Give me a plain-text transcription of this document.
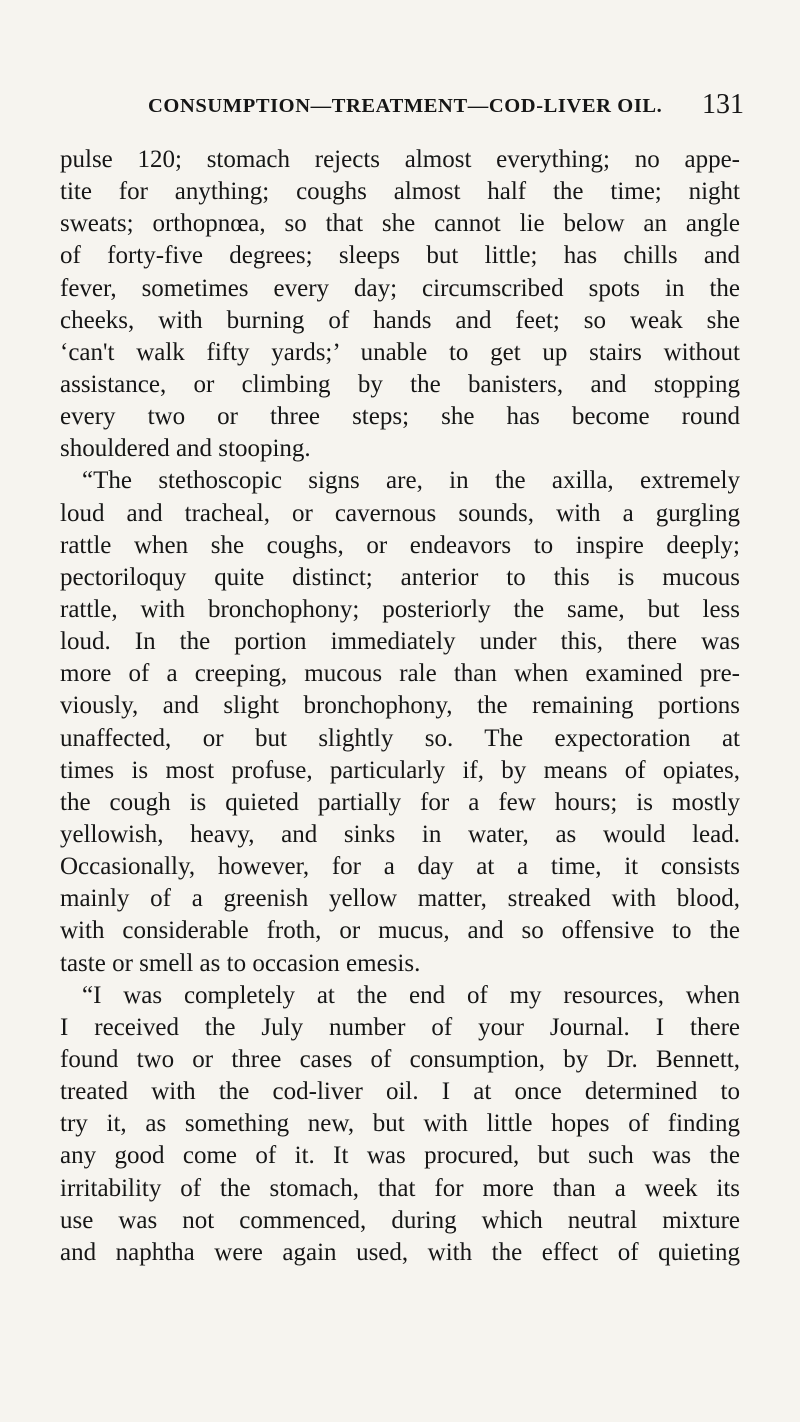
CONSUMPTION—TREATMENT—COD-LIVER OIL. 131
pulse 120; stomach rejects almost everything; no appe-
tite for anything; coughs almost half the time; night
sweats; orthopnœa, so that she cannot lie below an angle
of forty-five degrees; sleeps but little; has chills and
fever, sometimes every day; circumscribed spots in the
cheeks, with burning of hands and feet; so weak she
‘can't walk fifty yards;’ unable to get up stairs without
assistance, or climbing by the banisters, and stopping
every two or three steps; she has become round
shouldered and stooping.
“The stethoscopic signs are, in the axilla, extremely
loud and tracheal, or cavernous sounds, with a gurgling
rattle when she coughs, or endeavors to inspire deeply;
pectoriloquy quite distinct; anterior to this is mucous
rattle, with bronchophony; posteriorly the same, but less
loud. In the portion immediately under this, there was
more of a creeping, mucous rale than when examined pre-
viously, and slight bronchophony, the remaining portions
unaffected, or but slightly so. The expectoration at
times is most profuse, particularly if, by means of opiates,
the cough is quieted partially for a few hours; is mostly
yellowish, heavy, and sinks in water, as would lead.
Occasionally, however, for a day at a time, it consists
mainly of a greenish yellow matter, streaked with blood,
with considerable froth, or mucus, and so offensive to the
taste or smell as to occasion emesis.
“I was completely at the end of my resources, when
I received the July number of your Journal. I there
found two or three cases of consumption, by Dr. Bennett,
treated with the cod-liver oil. I at once determined to
try it, as something new, but with little hopes of finding
any good come of it. It was procured, but such was the
irritability of the stomach, that for more than a week its
use was not commenced, during which neutral mixture
and naphtha were again used, with the effect of quieting
